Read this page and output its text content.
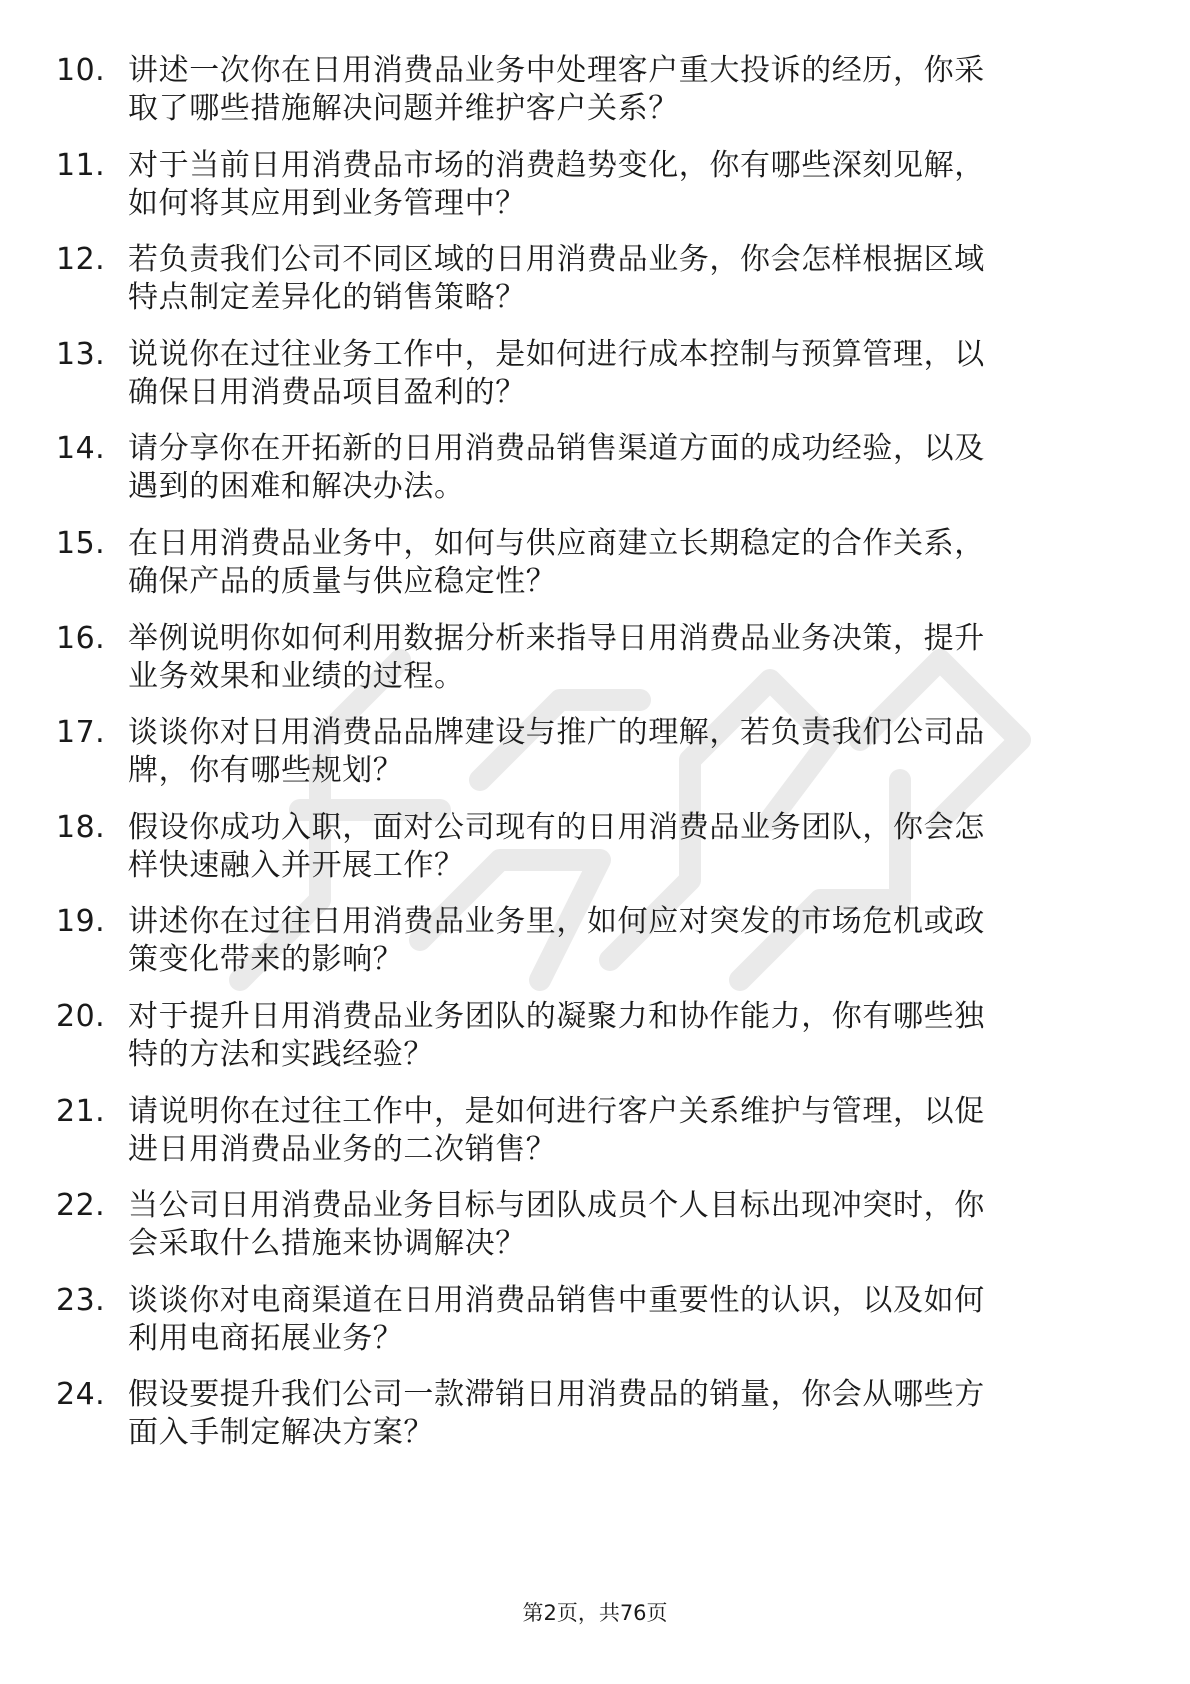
10. 讲述一次你在日用消费品业务中处理客户重大投诉的经历，你采
取了哪些措施解决问题并维护客户关系？
11. 对于当前日用消费品市场的消费趋势变化，你有哪些深刻见解，
如何将其应用到业务管理中？
12. 若负责我们公司不同区域的日用消费品业务，你会怎样根据区域
特点制定差异化的销售策略？
13. 说说你在过往业务工作中，是如何进行成本控制与预算管理，以
确保日用消费品项目盈利的？
14. 请分享你在开拓新的日用消费品销售渠道方面的成功经验，以及
遇到的困难和解决办法。
15. 在日用消费品业务中，如何与供应商建立长期稳定的合作关系，
确保产品的质量与供应稳定性？
16. 举例说明你如何利用数据分析来指导日用消费品业务决策，提升
业务效果和业绩的过程。
17. 谈谈你对日用消费品品牌建设与推广的理解，若负责我们公司品
牌，你有哪些规划？
18. 假设你成功入职，面对公司现有的日用消费品业务团队，你会怎
样快速融入并开展工作？
19. 讲述你在过往日用消费品业务里，如何应对突发的市场危机或政
策变化带来的影响？
20. 对于提升日用消费品业务团队的凝聚力和协作能力，你有哪些独
特的方法和实践经验？
21. 请说明你在过往工作中，是如何进行客户关系维护与管理，以促
进日用消费品业务的二次销售？
22. 当公司日用消费品业务目标与团队成员个人目标出现冲突时，你
会采取什么措施来协调解决？
23. 谈谈你对电商渠道在日用消费品销售中重要性的认识，以及如何
利用电商拓展业务？
24. 假设要提升我们公司一款滞销日用消费品的销量，你会从哪些方
面入手制定解决方案？
第2页，共76页
